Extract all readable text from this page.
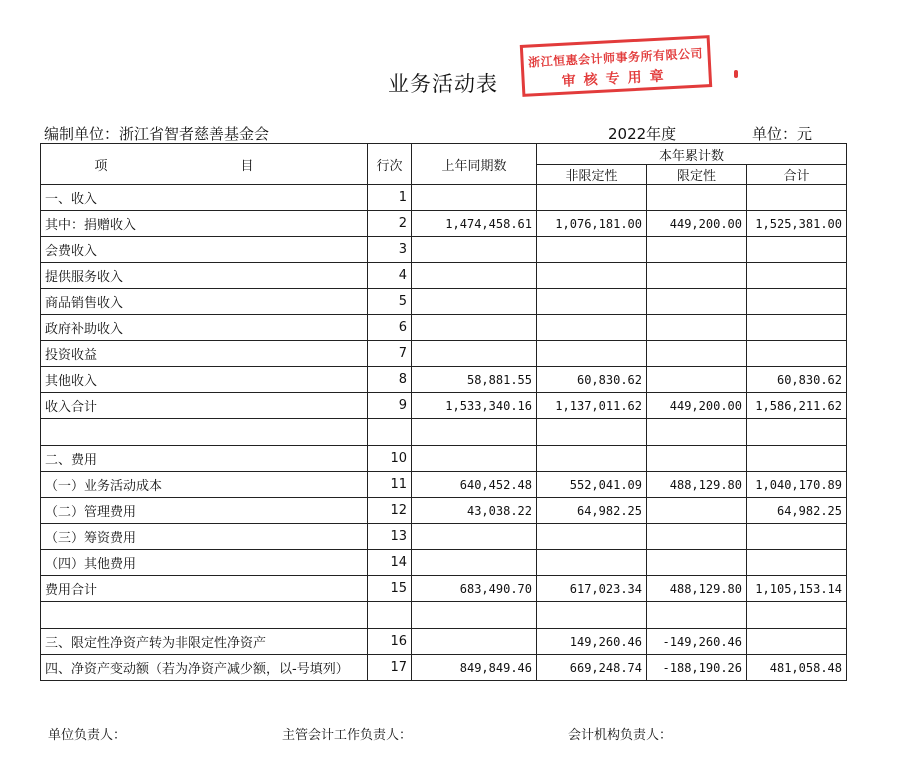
业务活动表
浙江恒惠会计师事务所有限公司
审核专用章
编制单位：浙江省智者慈善基金会	2022年度	单位：元
项　目	行次	上年同期数	本年累计数		
			非限定性	限定性	合计
一、收入	1				
其中：捐赠收入	2	1,474,458.61	1,076,181.00	449,200.00	1,525,381.00
会费收入	3				
提供服务收入	4				
商品销售收入	5				
政府补助收入	6				
投资收益	7				
其他收入	8	58,881.55	60,830.62		60,830.62
收入合计	9	1,533,340.16	1,137,011.62	449,200.00	1,586,211.62

二、费用	10				
（一）业务活动成本	11	640,452.48	552,041.09	488,129.80	1,040,170.89
（二）管理费用	12	43,038.22	64,982.25		64,982.25
（三）筹资费用	13				
（四）其他费用	14				
费用合计	15	683,490.70	617,023.34	488,129.80	1,105,153.14

三、限定性净资产转为非限定性净资产	16		149,260.46	-149,260.46	
四、净资产变动额（若为净资产减少额，以-号填列）	17	849,849.46	669,248.74	-188,190.26	481,058.48
单位负责人：	主管会计工作负责人：	会计机构负责人：
